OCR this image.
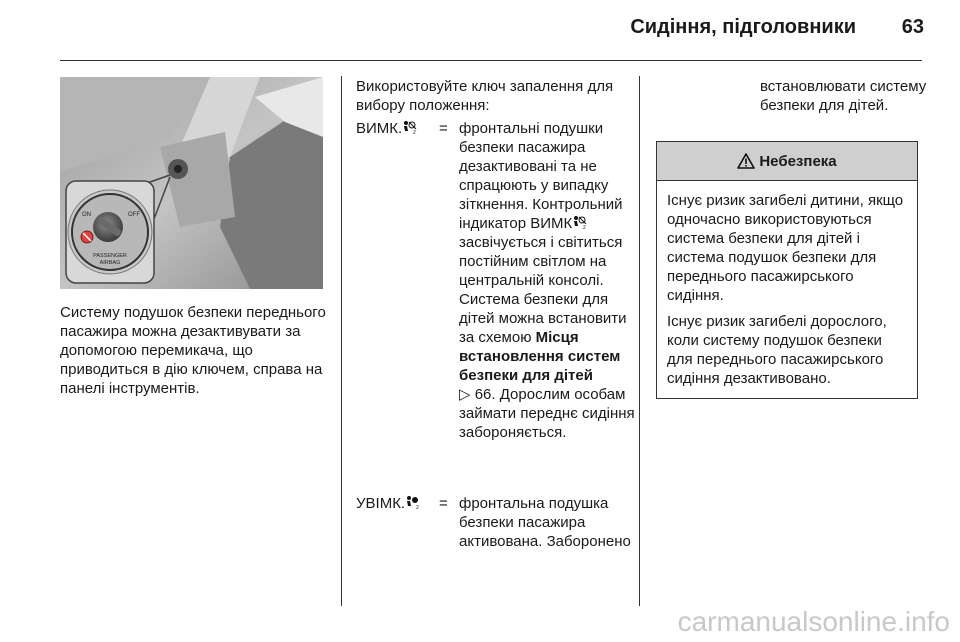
Сидіння, підголовники 63
ON	OFF
PASSENGER
AIRBAG
Систему подушок безпеки переднього пасажира можна дезактивувати за допомогою перемикача, що приводиться в дію ключем, справа на панелі інструментів.
Використовуйте ключ запалення для вибору положення:
ВИМК. 2 = фронтальні подушки безпеки пасажира дезактивовані та не спрацюють у випадку зіткнення. Контрольний індикатор ВИМК 2
засвічується і світиться постійним світлом на центральній консолі. Система безпеки для дітей можна встановити за схемою Місця встановлення систем безпеки для дітей
▷ 66. Дорослим особам займати переднє сидіння забороняється.
УВІМК. 2 = фронтальна подушка безпеки пасажира активована. Заборонено
встановлювати систему безпеки для дітей.
Небезпека

Існує ризик загибелі дитини, якщо одночасно використовуються система безпеки для дітей і система подушок безпеки для переднього пасажирського сидіння.

Існує ризик загибелі дорослого, коли систему подушок безпеки для переднього пасажирського сидіння дезактивовано.

carmanualsonline.info
